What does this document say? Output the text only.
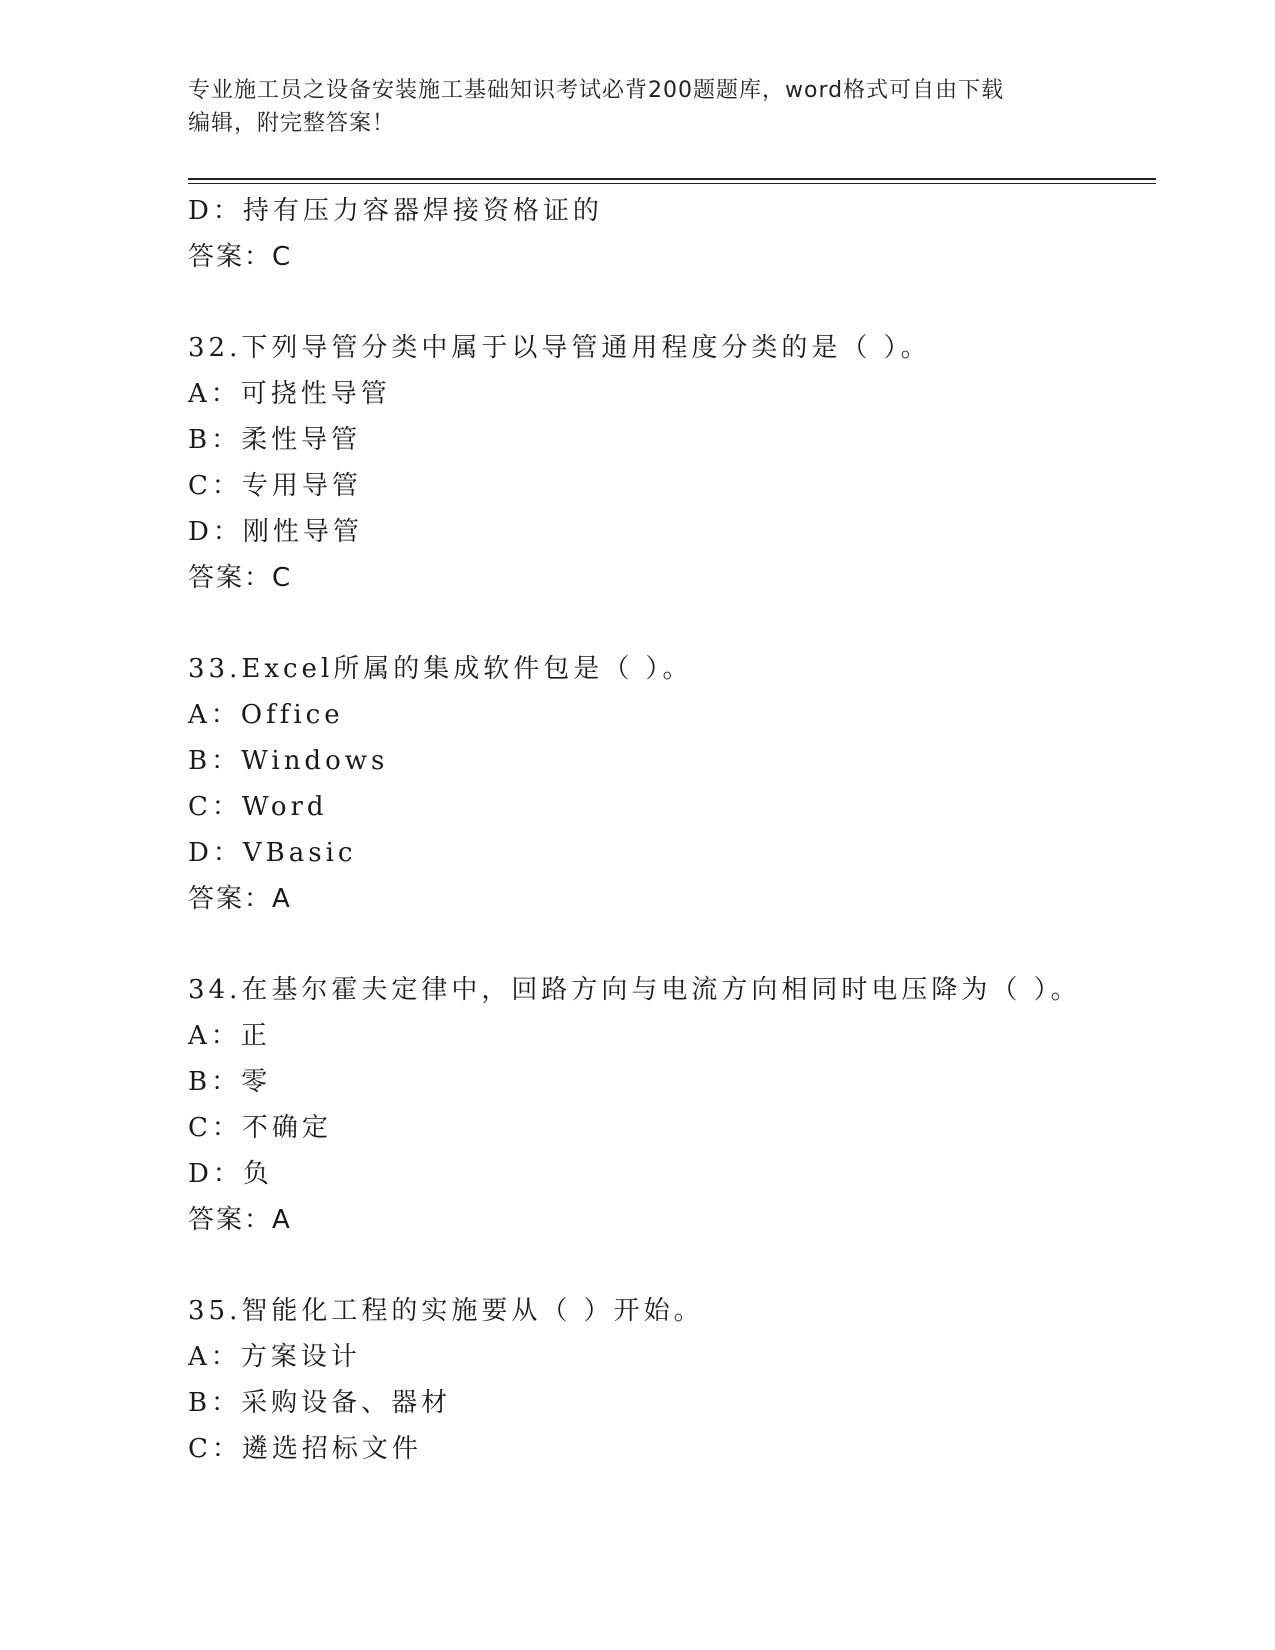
专业施工员之设备安装施工基础知识考试必背200题题库，word格式可自由下载
编辑，附完整答案！
D：持有压力容器焊接资格证的
答案：C
32.下列导管分类中属于以导管通用程度分类的是（ ）。
A：可挠性导管
B：柔性导管
C：专用导管
D：刚性导管
答案：C
33.Excel所属的集成软件包是（ ）。
A：Office
B：Windows
C：Word
D：VBasic
答案：A
34.在基尔霍夫定律中，回路方向与电流方向相同时电压降为（ ）。
A：正
B：零
C：不确定
D：负
答案：A
35.智能化工程的实施要从（ ）开始。
A：方案设计
B：采购设备、器材
C：遴选招标文件
